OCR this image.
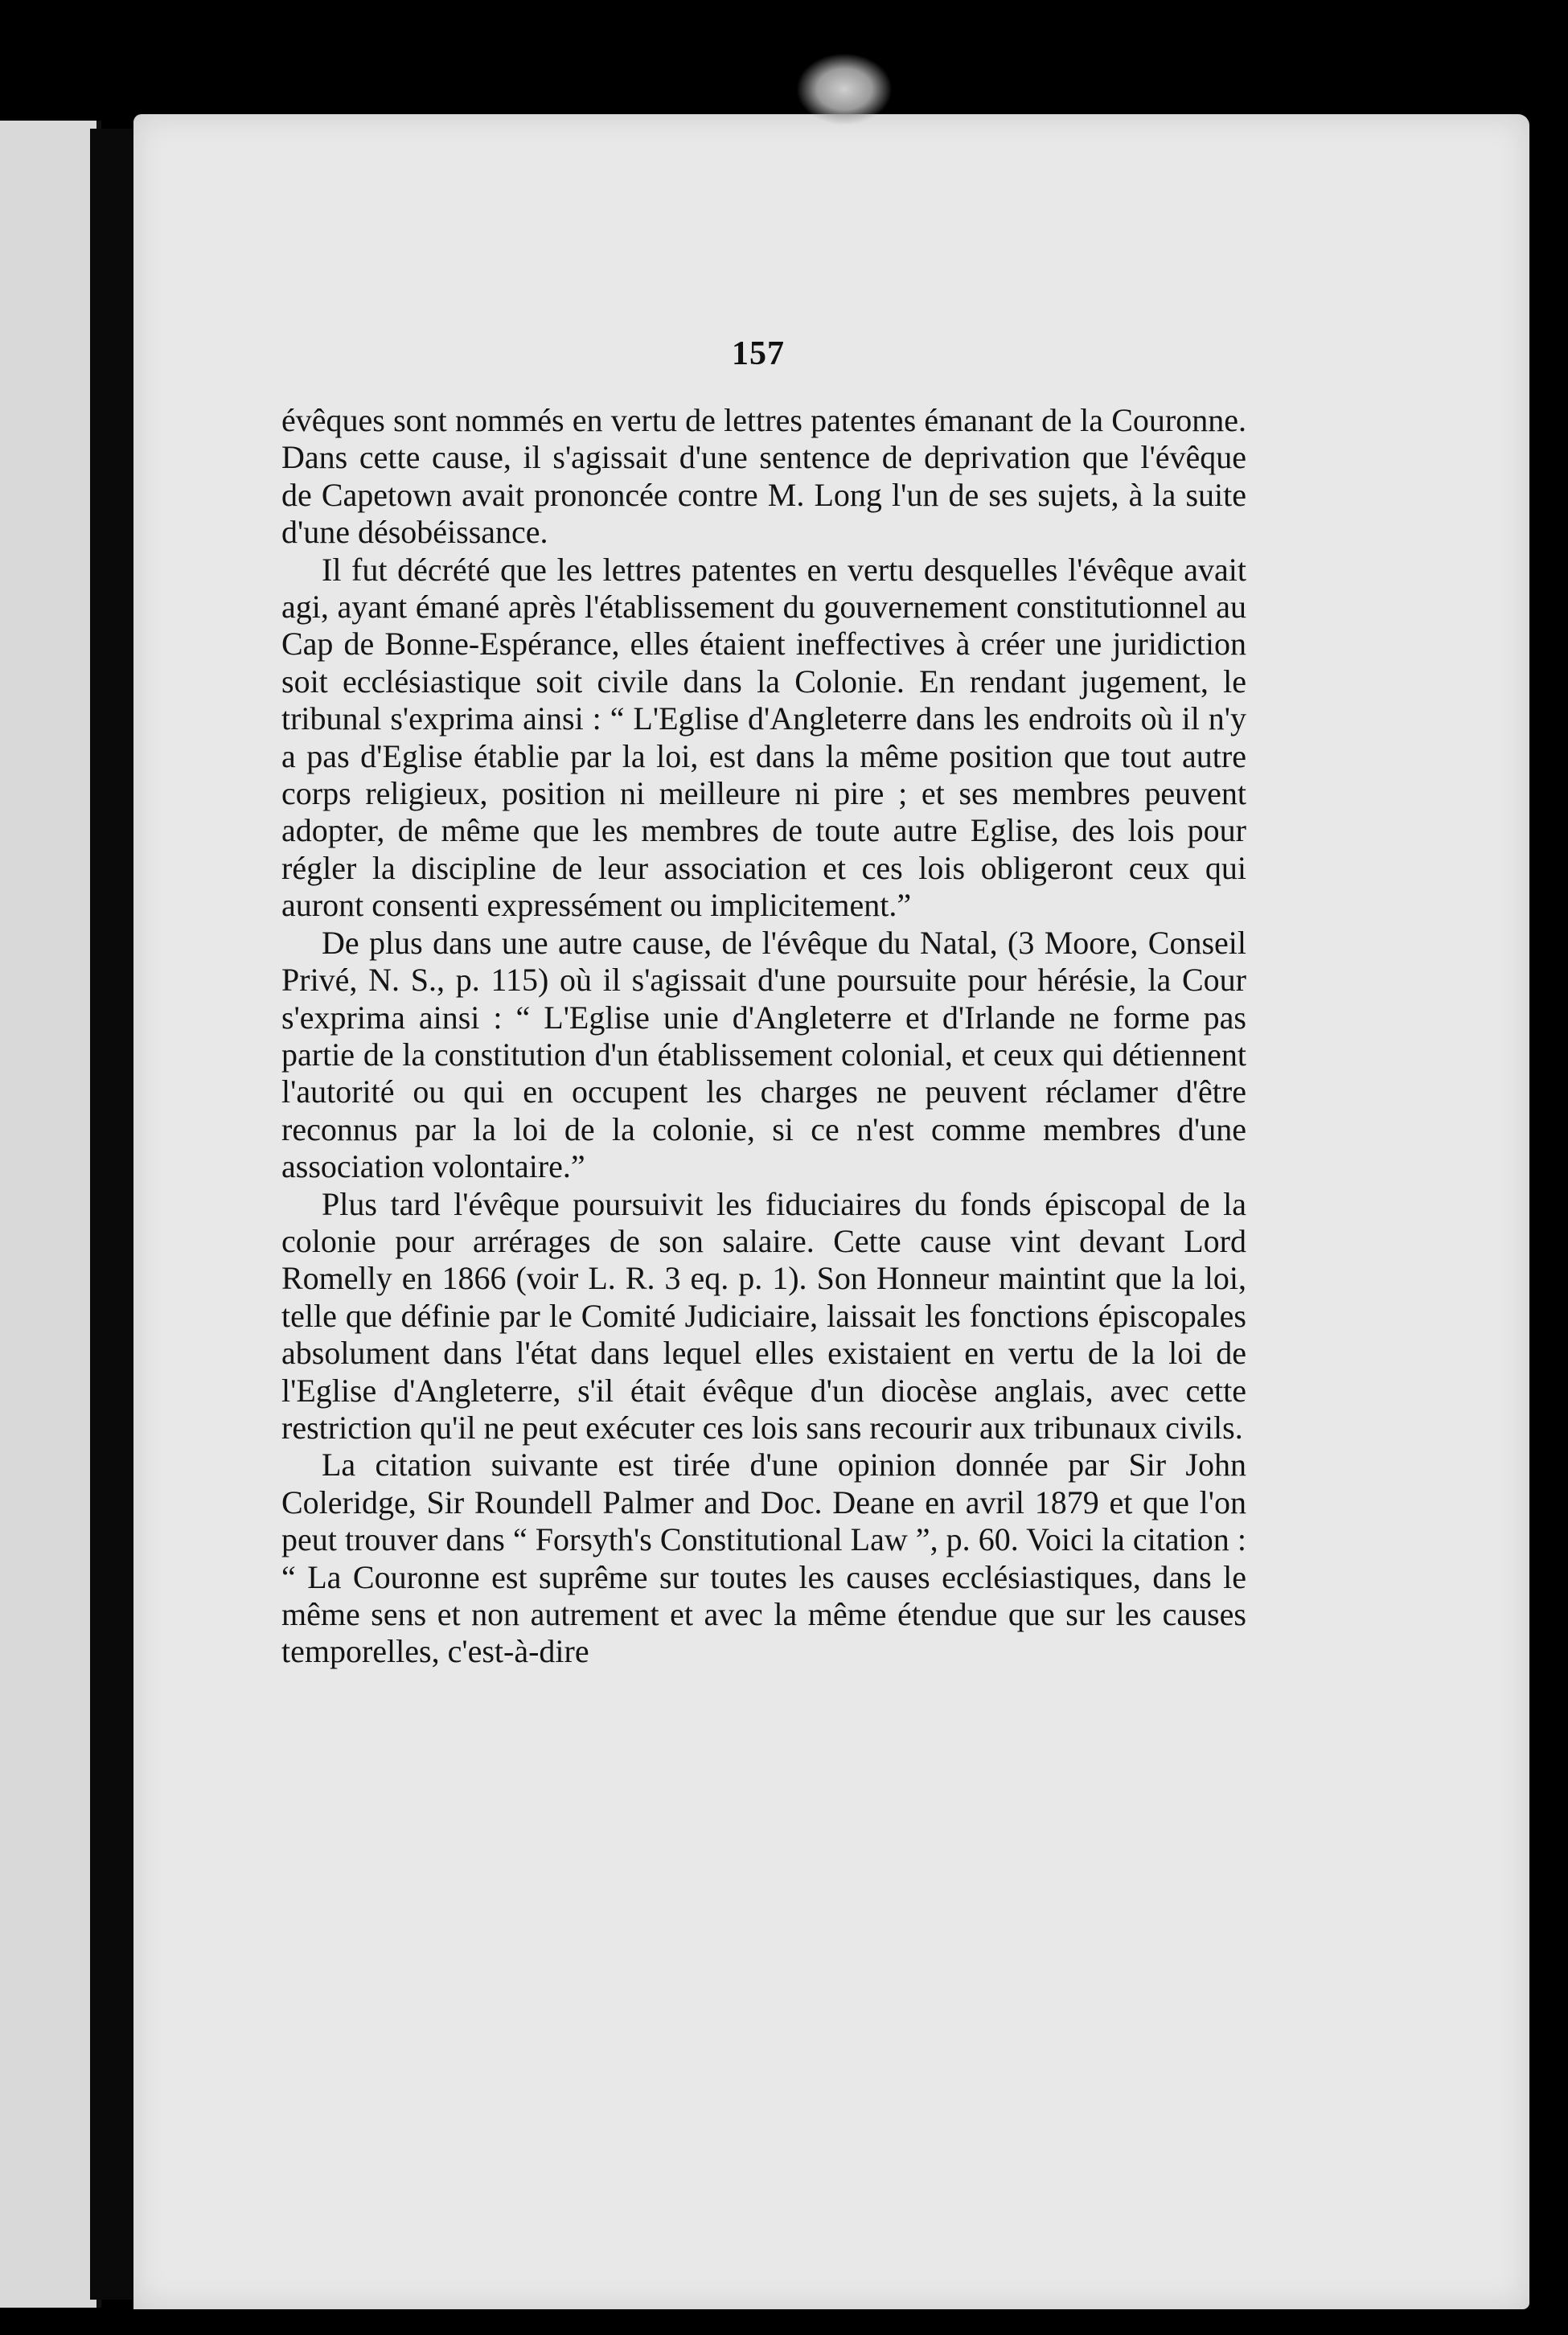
157

évêques sont nommés en vertu de lettres patentes émanant de la Couronne. Dans cette cause, il s'agissait d'une sentence de deprivation que l'évêque de Capetown avait prononcée contre M. Long l'un de ses sujets, à la suite d'une désobéissance.

Il fut décrété que les lettres patentes en vertu desquelles l'évêque avait agi, ayant émané après l'établissement du gouvernement constitutionnel au Cap de Bonne-Espérance, elles étaient ineffectives à créer une juridiction soit ecclésiastique soit civile dans la Colonie. En rendant jugement, le tribunal s'exprima ainsi : “ L'Eglise d'Angleterre dans les endroits où il n'y a pas d'Eglise établie par la loi, est dans la même position que tout autre corps religieux, position ni meilleure ni pire ; et ses membres peuvent adopter, de même que les membres de toute autre Eglise, des lois pour régler la discipline de leur association et ces lois obligeront ceux qui auront consenti expressément ou implicitement.”

De plus dans une autre cause, de l'évêque du Natal, (3 Moore, Conseil Privé, N. S., p. 115) où il s'agissait d'une poursuite pour hérésie, la Cour s'exprima ainsi : “ L'Eglise unie d'Angleterre et d'Irlande ne forme pas partie de la constitution d'un établissement colonial, et ceux qui détiennent l'autorité ou qui en occupent les charges ne peuvent réclamer d'être reconnus par la loi de la colonie, si ce n'est comme membres d'une association volontaire.”

Plus tard l'évêque poursuivit les fiduciaires du fonds épiscopal de la colonie pour arrérages de son salaire. Cette cause vint devant Lord Romelly en 1866 (voir L. R. 3 eq. p. 1). Son Honneur maintint que la loi, telle que définie par le Comité Judiciaire, laissait les fonctions épiscopales absolument dans l'état dans lequel elles existaient en vertu de la loi de l'Eglise d'Angleterre, s'il était évêque d'un diocèse anglais, avec cette restriction qu'il ne peut exécuter ces lois sans recourir aux tribunaux civils.

La citation suivante est tirée d'une opinion donnée par Sir John Coleridge, Sir Roundell Palmer and Doc. Deane en avril 1879 et que l'on peut trouver dans “ Forsyth's Constitutional Law ”, p. 60. Voici la citation : “ La Couronne est suprême sur toutes les causes ecclésiastiques, dans le même sens et non autrement et avec la même étendue que sur les causes temporelles, c'est-à-dire
